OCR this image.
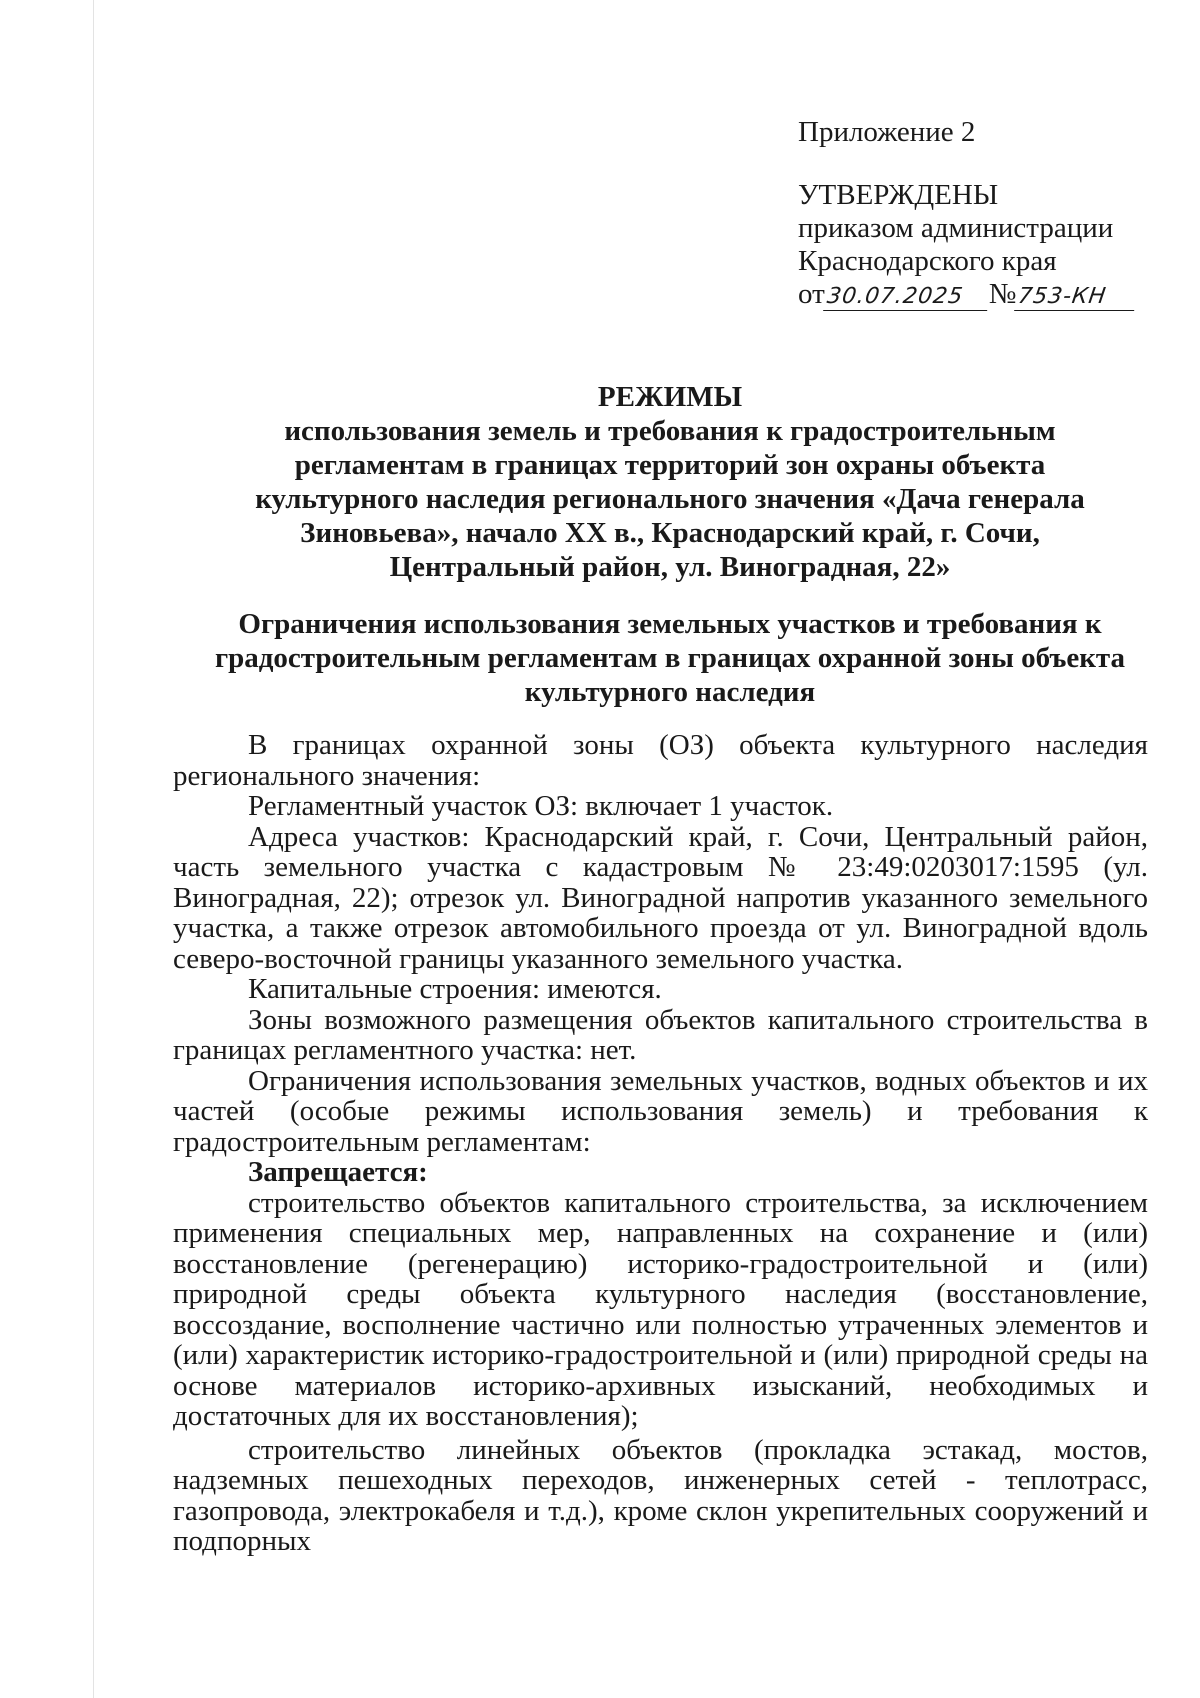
Приложение 2
УТВЕРЖДЕНЫ
приказом администрации
Краснодарского края
от30.07.2025 №753-КН
РЕЖИМЫ
использования земель и требования к градостроительным
регламентам в границах территорий зон охраны объекта
культурного наследия регионального значения «Дача генерала
Зиновьева», начало XX в., Краснодарский край, г. Сочи,
Центральный район, ул. Виноградная, 22»
Ограничения использования земельных участков и требования к
градостроительным регламентам в границах охранной зоны объекта
культурного наследия

В границах охранной зоны (ОЗ) объекта культурного наследия регионального значения:

Регламентный участок ОЗ: включает 1 участок.

Адреса участков: Краснодарский край, г. Сочи, Центральный район, часть земельного участка с кадастровым № 23:49:0203017:1595 (ул. Виноградная, 22); отрезок ул. Виноградной напротив указанного земельного участка, а также отрезок автомобильного проезда от ул. Виноградной вдоль северо-восточной границы указанного земельного участка.

Капитальные строения: имеются.

Зоны возможного размещения объектов капитального строительства в границах регламентного участка: нет.

Ограничения использования земельных участков, водных объектов и их частей (особые режимы использования земель) и требования к градостроительным регламентам:

Запрещается:

строительство объектов капитального строительства, за исключением применения специальных мер, направленных на сохранение и (или) восстановление (регенерацию) историко-градостроительной и (или) природной среды объекта культурного наследия (восстановление, воссоздание, восполнение частично или полностью утраченных элементов и (или) характеристик историко-градостроительной и (или) природной среды на основе материалов историко-архивных изысканий, необходимых и достаточных для их восстановления);

строительство линейных объектов (прокладка эстакад, мостов, надземных пешеходных переходов, инженерных сетей - теплотрасс, газопровода, электрокабеля и т.д.), кроме склон укрепительных сооружений и подпорных
